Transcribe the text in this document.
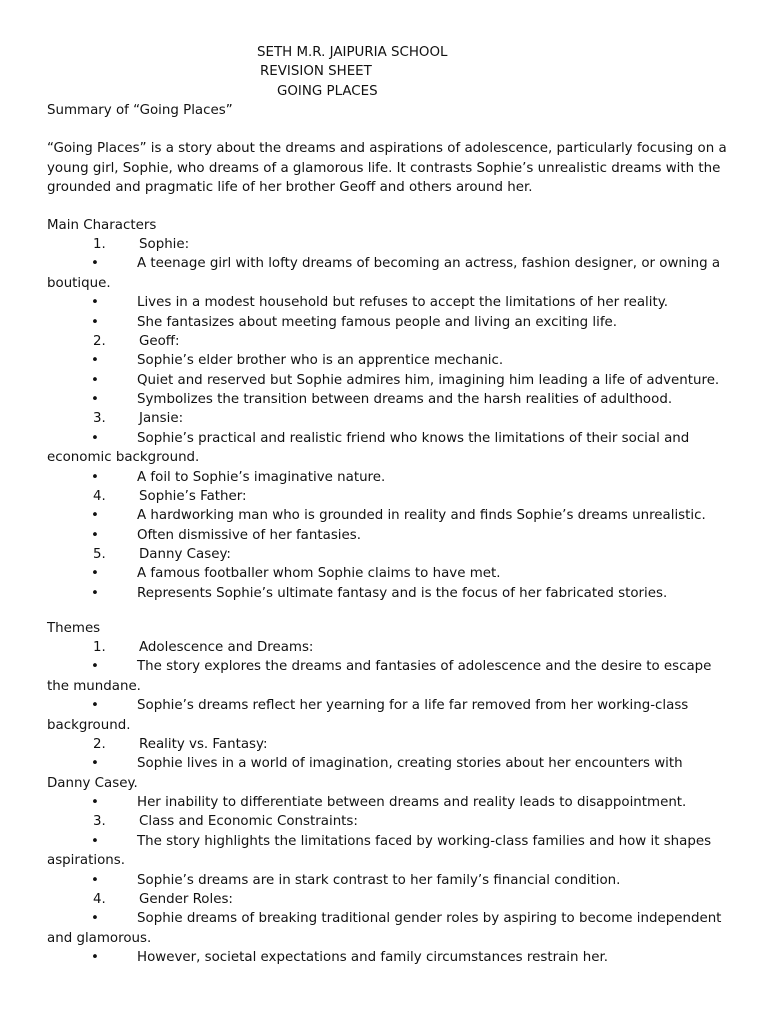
SETH M.R. JAIPURIA SCHOOL
REVISION SHEET
GOING PLACES
Summary of “Going Places”

“Going Places” is a story about the dreams and aspirations of adolescence, particularly focusing on a young girl, Sophie, who dreams of a glamorous life. It contrasts Sophie’s unrealistic dreams with the grounded and pragmatic life of her brother Geoff and others around her.

Main Characters
1. Sophie:
•	A teenage girl with lofty dreams of becoming an actress, fashion designer, or owning a boutique.
•	Lives in a modest household but refuses to accept the limitations of her reality.
•	She fantasizes about meeting famous people and living an exciting life.
2. Geoff:
•	Sophie’s elder brother who is an apprentice mechanic.
•	Quiet and reserved but Sophie admires him, imagining him leading a life of adventure.
•	Symbolizes the transition between dreams and the harsh realities of adulthood.
3. Jansie:
•	Sophie’s practical and realistic friend who knows the limitations of their social and economic background.
•	A foil to Sophie’s imaginative nature.
4. Sophie’s Father:
•	A hardworking man who is grounded in reality and finds Sophie’s dreams unrealistic.
•	Often dismissive of her fantasies.
5. Danny Casey:
•	A famous footballer whom Sophie claims to have met.
•	Represents Sophie’s ultimate fantasy and is the focus of her fabricated stories.
Themes
1. Adolescence and Dreams:
•	The story explores the dreams and fantasies of adolescence and the desire to escape the mundane.
•	Sophie’s dreams reflect her yearning for a life far removed from her working-class background.
2. Reality vs. Fantasy:
•	Sophie lives in a world of imagination, creating stories about her encounters with Danny Casey.
•	Her inability to differentiate between dreams and reality leads to disappointment.
3. Class and Economic Constraints:
•	The story highlights the limitations faced by working-class families and how it shapes aspirations.
•	Sophie’s dreams are in stark contrast to her family’s financial condition.
4. Gender Roles:
•	Sophie dreams of breaking traditional gender roles by aspiring to become independent and glamorous.
•	However, societal expectations and family circumstances restrain her.
